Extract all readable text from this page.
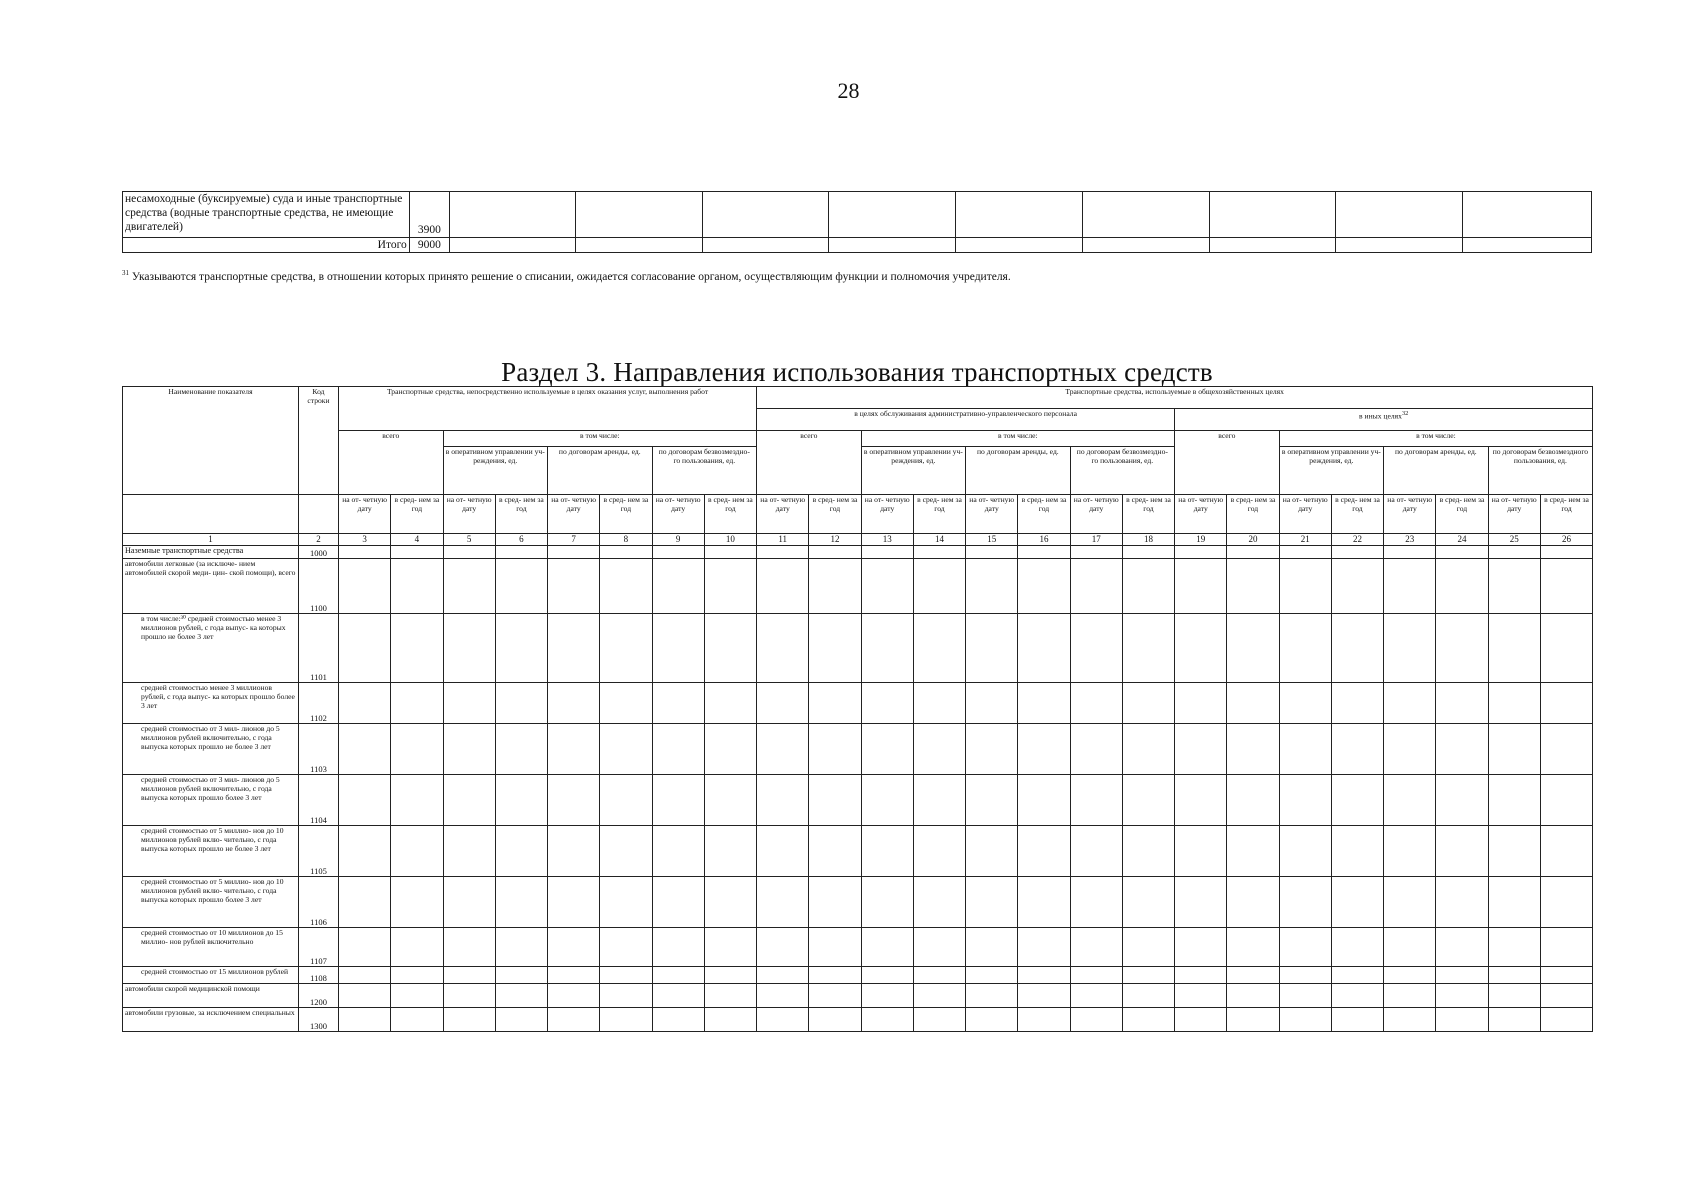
28
несамоходные (буксируемые) суда и иные транспортные средства (водные транспортные средства, не имеющие двигателей)	3900									
Итого	9000									
$^{31}$ Указываются транспортные средства, в отношении которых принято решение о списании, ожидается согласование органом, осуществляющим функции и полномочия учредителя.
Раздел 3. Направления использования транспортных средств
Наименование показателя	Код строки	Транспортные средства, непосредственно используемые в целях оказания услуг, выполнения работ								Транспортные средства, используемые в общехозяйственных целях															
										в целях обслуживания административно-управленческого персонала								в иных целях$^{32}$
		всего		в том числе:						всего		в том числе:						всего		в том числе:					
				в оперативном управлении уч- реждения, ед.		по договорам аренды, ед.		по договорам безвозмездно- го пользования, ед.				в оперативном управлении уч- реждения, ед.		по договорам аренды, ед.		по договорам безвозмездно- го пользования, ед.				в оперативном управлении уч- реждения, ед.		по договорам аренды, ед.		по договорам безвозмездного пользования, ед.	
		на от- четную дату	в сред- нем за год	на от- четную дату	в сред- нем за год	на от- четную дату	в сред- нем за год	на от- четную дату	в сред- нем за год	на от- четную дату	в сред- нем за год	на от- четную дату	в сред- нем за год	на от- четную дату	в сред- нем за год	на от- четную дату	в сред- нем за год	на от- четную дату	в сред- нем за год	на от- четную дату	в сред- нем за год	на от- четную дату	в сред- нем за год	на от- четную дату	в сред- нем за год
1	2	3	4	5	6	7	8	9	10	11	12	13	14	15	16	17	18	19	20	21	22	23	24	25	26
Наземные транспортные средства	1000																								
автомобили легковые (за исключе- нием автомобилей скорой меди- цин- ской помощи), всего	1100																								
в том числе:³⁰ средней стоимостью менее 3 миллионов рублей, с года выпус- ка которых прошло не более 3 лет	1101																								
средней стоимостью менее 3 миллионов рублей, с года выпус- ка которых прошло более 3 лет	1102																								
средней стоимостью от 3 мил- лионов до 5 миллионов рублей включительно, с года выпуска которых прошло не более 3 лет	1103																								
средней стоимостью от 3 мил- лионов до 5 миллионов рублей включительно, с года выпуска которых прошло более 3 лет	1104																								
средней стоимостью от 5 миллио- нов до 10 миллионов рублей вклю- чительно, с года выпуска которых прошло не более 3 лет	1105																								
средней стоимостью от 5 миллио- нов до 10 миллионов рублей вклю- чительно, с года выпуска которых прошло более 3 лет	1106																								
средней стоимостью от 10 миллионов до 15 миллио- нов рублей включительно	1107																								
средней стоимостью от 15 миллионов рублей	1108																								
автомобили скорой медицинской помощи	1200																								
автомобили грузовые, за исключением специальных	1300																								
